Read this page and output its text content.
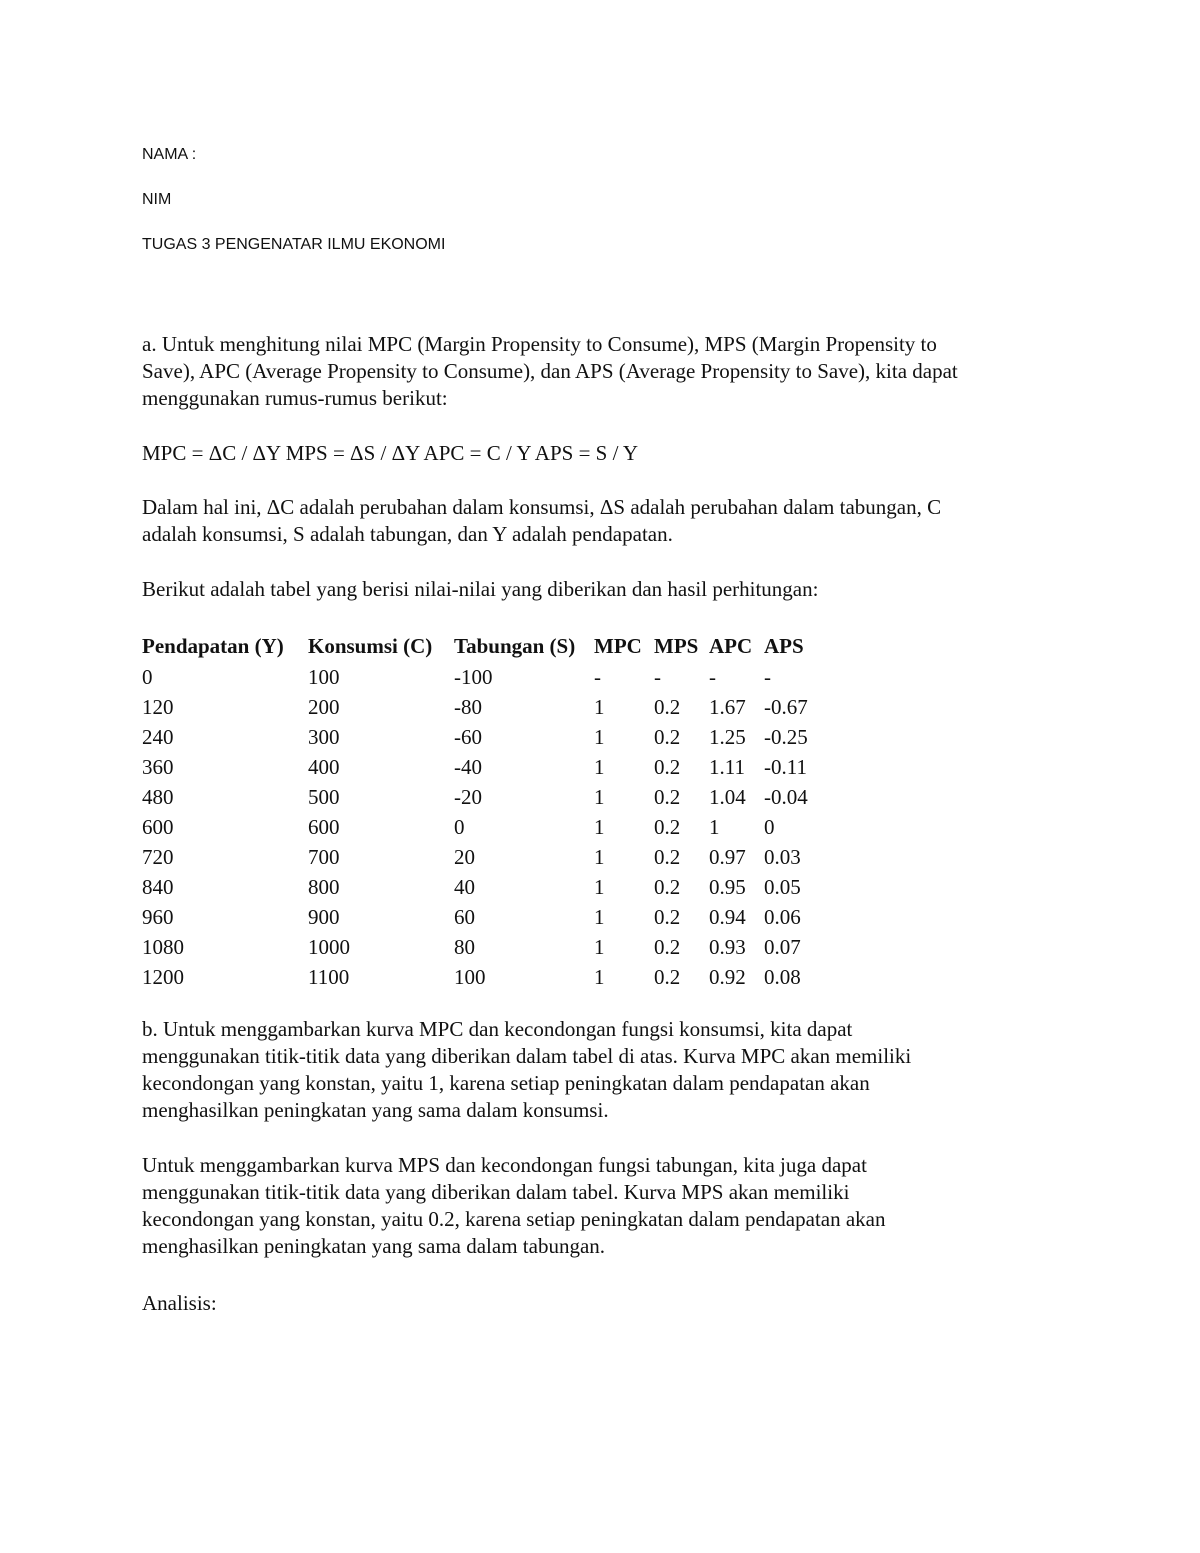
NAMA :
NIM
TUGAS 3 PENGENATAR ILMU EKONOMI

a. Untuk menghitung nilai MPC (Margin Propensity to Consume), MPS (Margin Propensity to
Save), APC (Average Propensity to Consume), dan APS (Average Propensity to Save), kita dapat
menggunakan rumus-rumus berikut:

MPC = ΔC / ΔY MPS = ΔS / ΔY APC = C / Y APS = S / Y

Dalam hal ini, ΔC adalah perubahan dalam konsumsi, ΔS adalah perubahan dalam tabungan, C
adalah konsumsi, S adalah tabungan, dan Y adalah pendapatan.

Berikut adalah tabel yang berisi nilai-nilai yang diberikan dan hasil perhitungan:

Pendapatan (Y)	Konsumsi (C)	Tabungan (S)	MPC	MPS	APC	APS
0	100	-100	-	-	-	-
120	200	-80	1	0.2	1.67	-0.67
240	300	-60	1	0.2	1.25	-0.25
360	400	-40	1	0.2	1.11	-0.11
480	500	-20	1	0.2	1.04	-0.04
600	600	0	1	0.2	1	0
720	700	20	1	0.2	0.97	0.03
840	800	40	1	0.2	0.95	0.05
960	900	60	1	0.2	0.94	0.06
1080	1000	80	1	0.2	0.93	0.07
1200	1100	100	1	0.2	0.92	0.08

b. Untuk menggambarkan kurva MPC dan kecondongan fungsi konsumsi, kita dapat
menggunakan titik-titik data yang diberikan dalam tabel di atas. Kurva MPC akan memiliki
kecondongan yang konstan, yaitu 1, karena setiap peningkatan dalam pendapatan akan
menghasilkan peningkatan yang sama dalam konsumsi.

Untuk menggambarkan kurva MPS dan kecondongan fungsi tabungan, kita juga dapat
menggunakan titik-titik data yang diberikan dalam tabel. Kurva MPS akan memiliki
kecondongan yang konstan, yaitu 0.2, karena setiap peningkatan dalam pendapatan akan
menghasilkan peningkatan yang sama dalam tabungan.

Analisis:
